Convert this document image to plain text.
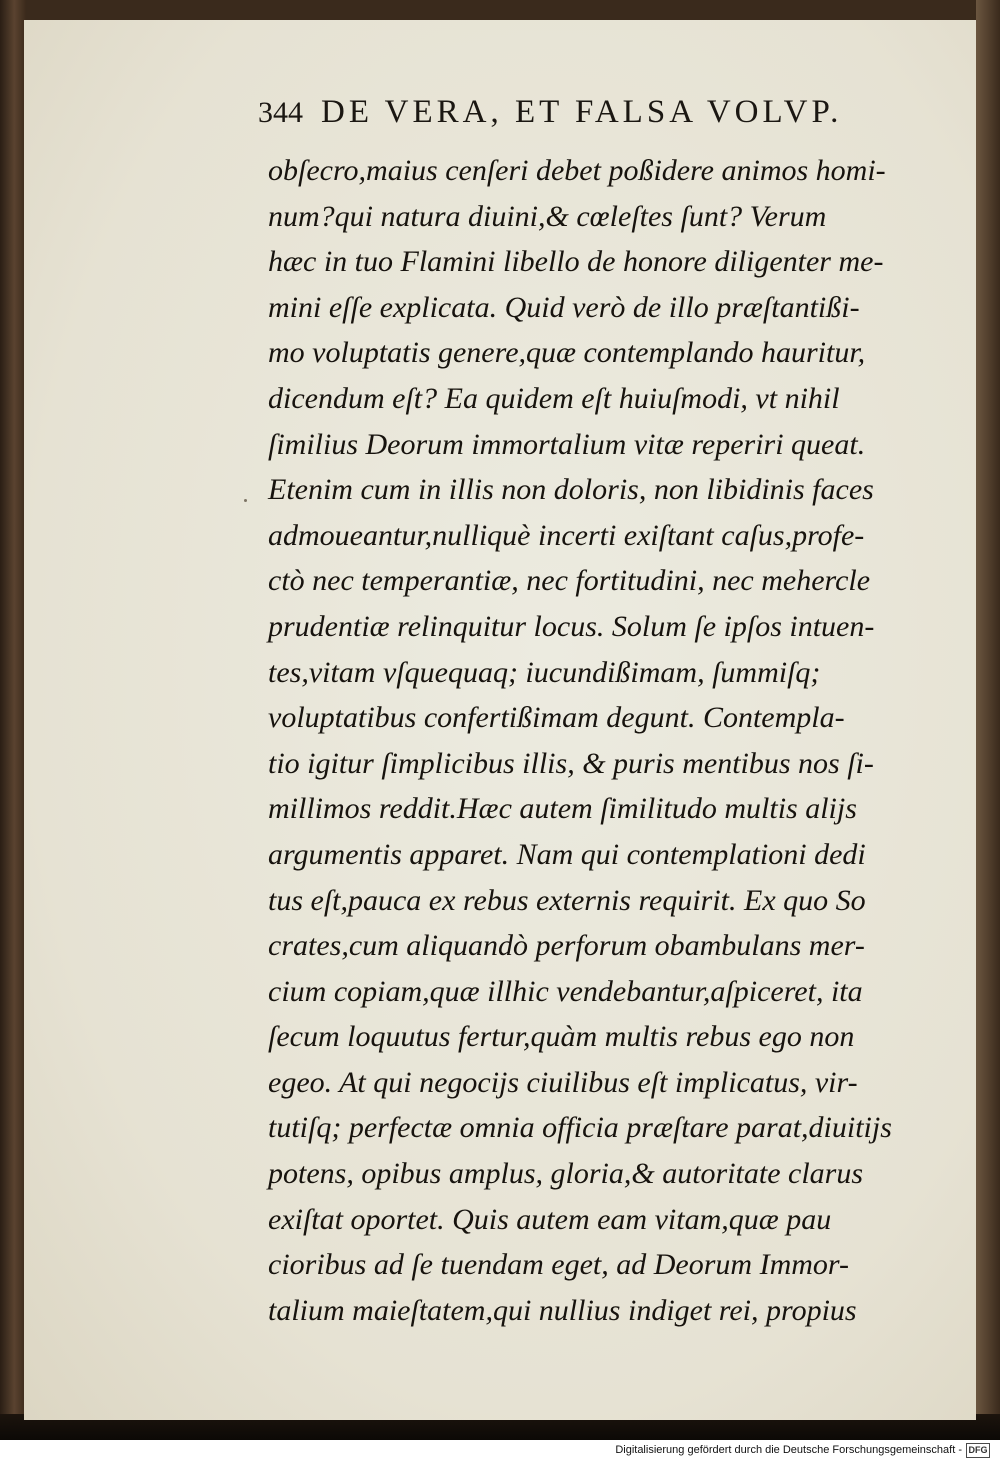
344 DE VERA, ET FALSA VOLVP.
obſecro,maius cenſeri debet poßidere animos homi-
num?qui natura diuini,& cœleſtes ſunt? Verum
hæc in tuo Flamini libello de honore diligenter me-
mini eſſe explicata. Quid verò de illo præſtantißi-
mo voluptatis genere,quæ contemplando hauritur,
dicendum eſt? Ea quidem eſt huiuſmodi, vt nihil
ſimilius Deorum immortalium vitæ reperiri queat.
Etenim cum in illis non doloris, non libidinis faces
admoueantur,nulliquè incerti exiſtant caſus,profe-
ctò nec temperantiæ, nec fortitudini, nec mehercle
prudentiæ relinquitur locus. Solum ſe ipſos intuen-
tes,vitam vſquequaq; iucundißimam, ſummiſq;
voluptatibus confertißimam degunt. Contempla-
tio igitur ſimplicibus illis, & puris mentibus nos ſi-
millimos reddit.Hæc autem ſimilitudo multis alijs
argumentis apparet. Nam qui contemplationi dedi
tus eſt,pauca ex rebus externis requirit. Ex quo So
crates,cum aliquandò perforum obambulans mer-
cium copiam,quæ illhic vendebantur,aſpiceret, ita
ſecum loquutus fertur,quàm multis rebus ego non
egeo. At qui negocijs ciuilibus eſt implicatus, vir-
tutiſq; perfectæ omnia officia præſtare parat,diuitijs
potens, opibus amplus, gloria,& autoritate clarus
exiſtat oportet. Quis autem eam vitam,quæ pau
cioribus ad ſe tuendam eget, ad Deorum Immor-
talium maieſtatem,qui nullius indiget rei, propius
Digitalisierung gefördert durch die Deutsche Forschungsgemeinschaft - DFG
